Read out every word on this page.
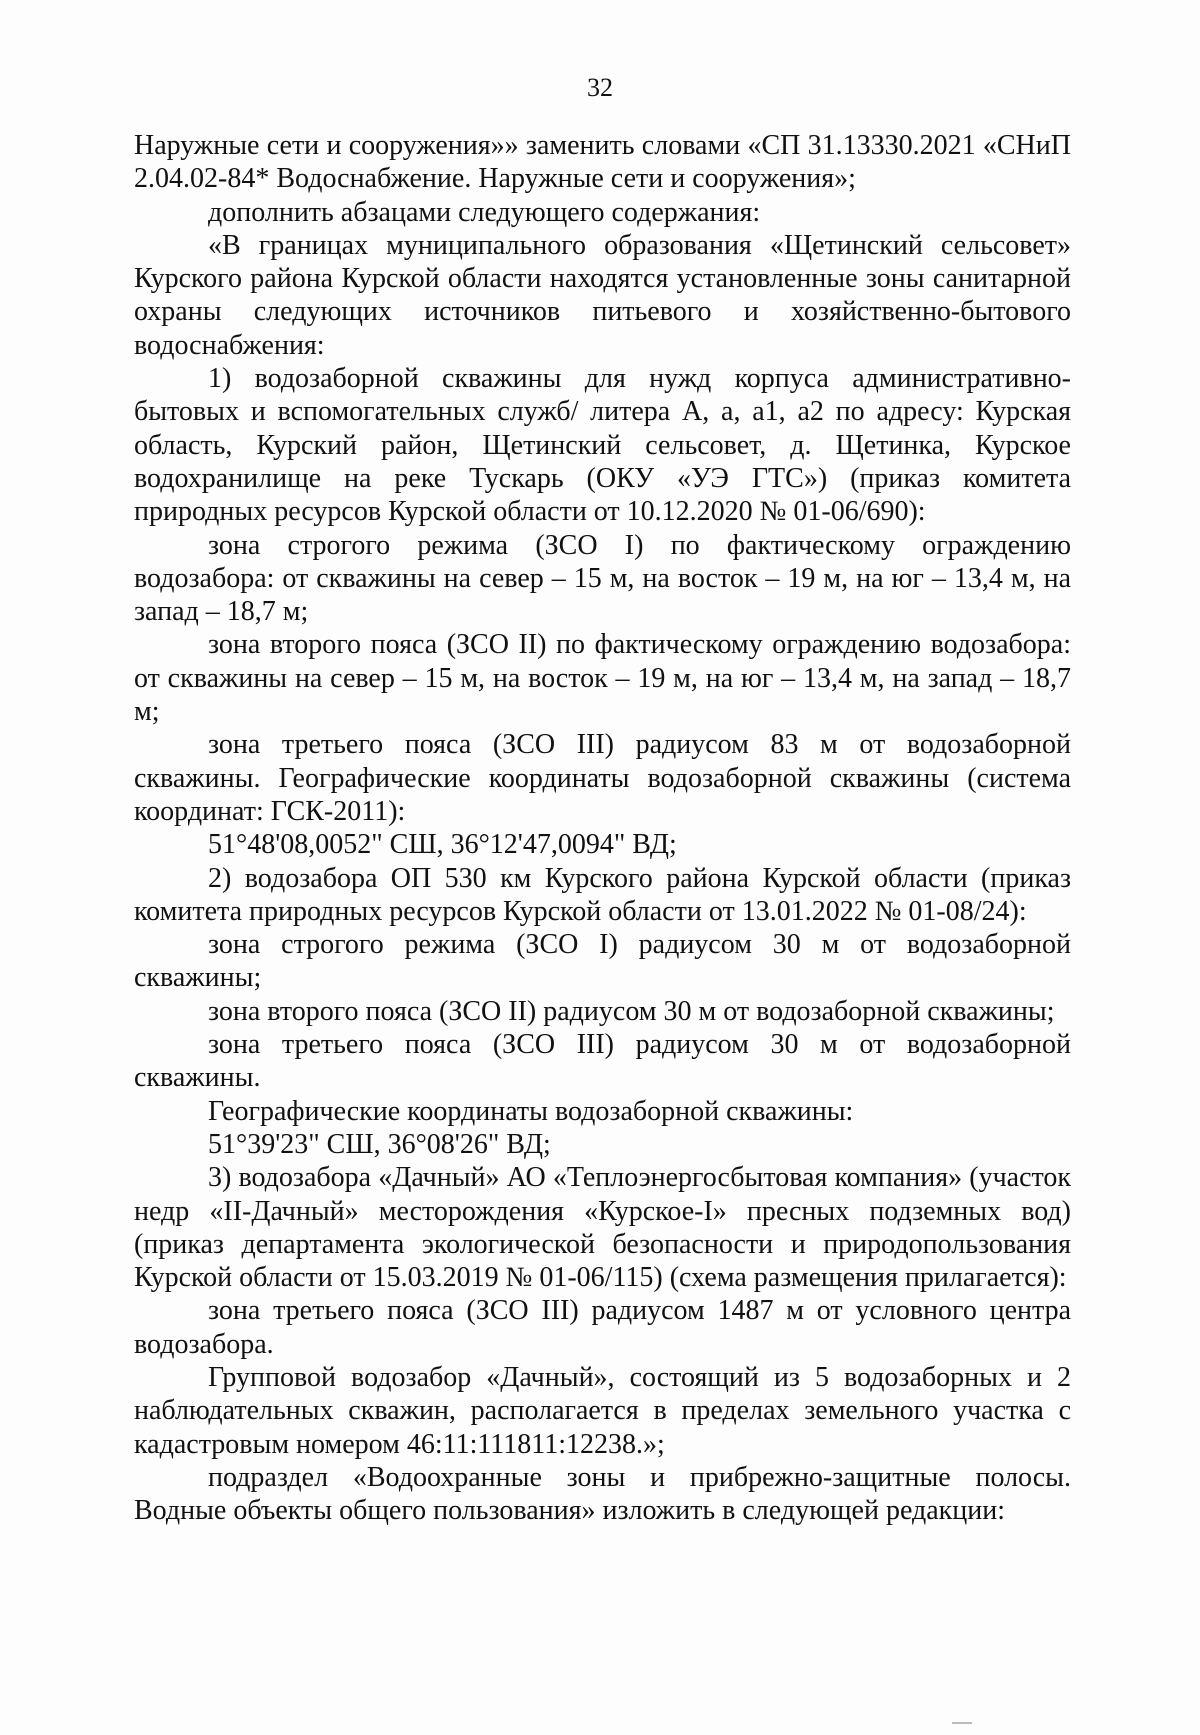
32

Наружные сети и сооружения»» заменить словами «СП 31.13330.2021 «СНиП 2.04.02-84* Водоснабжение. Наружные сети и сооружения»;

дополнить абзацами следующего содержания:

«В границах муниципального образования «Щетинский сельсовет» Курского района Курской области находятся установленные зоны санитарной охраны следующих источников питьевого и хозяйственно-бытового водоснабжения:

1) водозаборной скважины для нужд корпуса административно-бытовых и вспомогательных служб/ литера А, а, а1, а2 по адресу: Курская область, Курский район, Щетинский сельсовет, д. Щетинка, Курское водохранилище на реке Тускарь (ОКУ «УЭ ГТС») (приказ комитета природных ресурсов Курской области от 10.12.2020 № 01-06/690):

зона строгого режима (ЗСО I) по фактическому ограждению водозабора: от скважины на север – 15 м, на восток – 19 м, на юг – 13,4 м, на запад – 18,7 м;

зона второго пояса (ЗСО II) по фактическому ограждению водозабора: от скважины на север – 15 м, на восток – 19 м, на юг – 13,4 м, на запад – 18,7 м;

зона третьего пояса (ЗСО III) радиусом 83 м от водозаборной скважины. Географические координаты водозаборной скважины (система координат: ГСК-2011):

51°48'08,0052" СШ, 36°12'47,0094" ВД;

2) водозабора ОП 530 км Курского района Курской области (приказ комитета природных ресурсов Курской области от 13.01.2022 № 01-08/24):

зона строгого режима (ЗСО I) радиусом 30 м от водозаборной скважины;

зона второго пояса (ЗСО II) радиусом 30 м от водозаборной скважины;

зона третьего пояса (ЗСО III) радиусом 30 м от водозаборной скважины.

Географические координаты водозаборной скважины:

51°39'23" СШ, 36°08'26" ВД;

3) водозабора «Дачный» АО «Теплоэнергосбытовая компания» (участок недр «II-Дачный» месторождения «Курское-I» пресных подземных вод) (приказ департамента экологической безопасности и природопользования Курской области от 15.03.2019 № 01-06/115) (схема размещения прилагается):

зона третьего пояса (ЗСО III) радиусом 1487 м от условного центра водозабора.

Групповой водозабор «Дачный», состоящий из 5 водозаборных и 2 наблюдательных скважин, располагается в пределах земельного участка с кадастровым номером 46:11:111811:12238.»;

подраздел «Водоохранные зоны и прибрежно-защитные полосы. Водные объекты общего пользования» изложить в следующей редакции:
